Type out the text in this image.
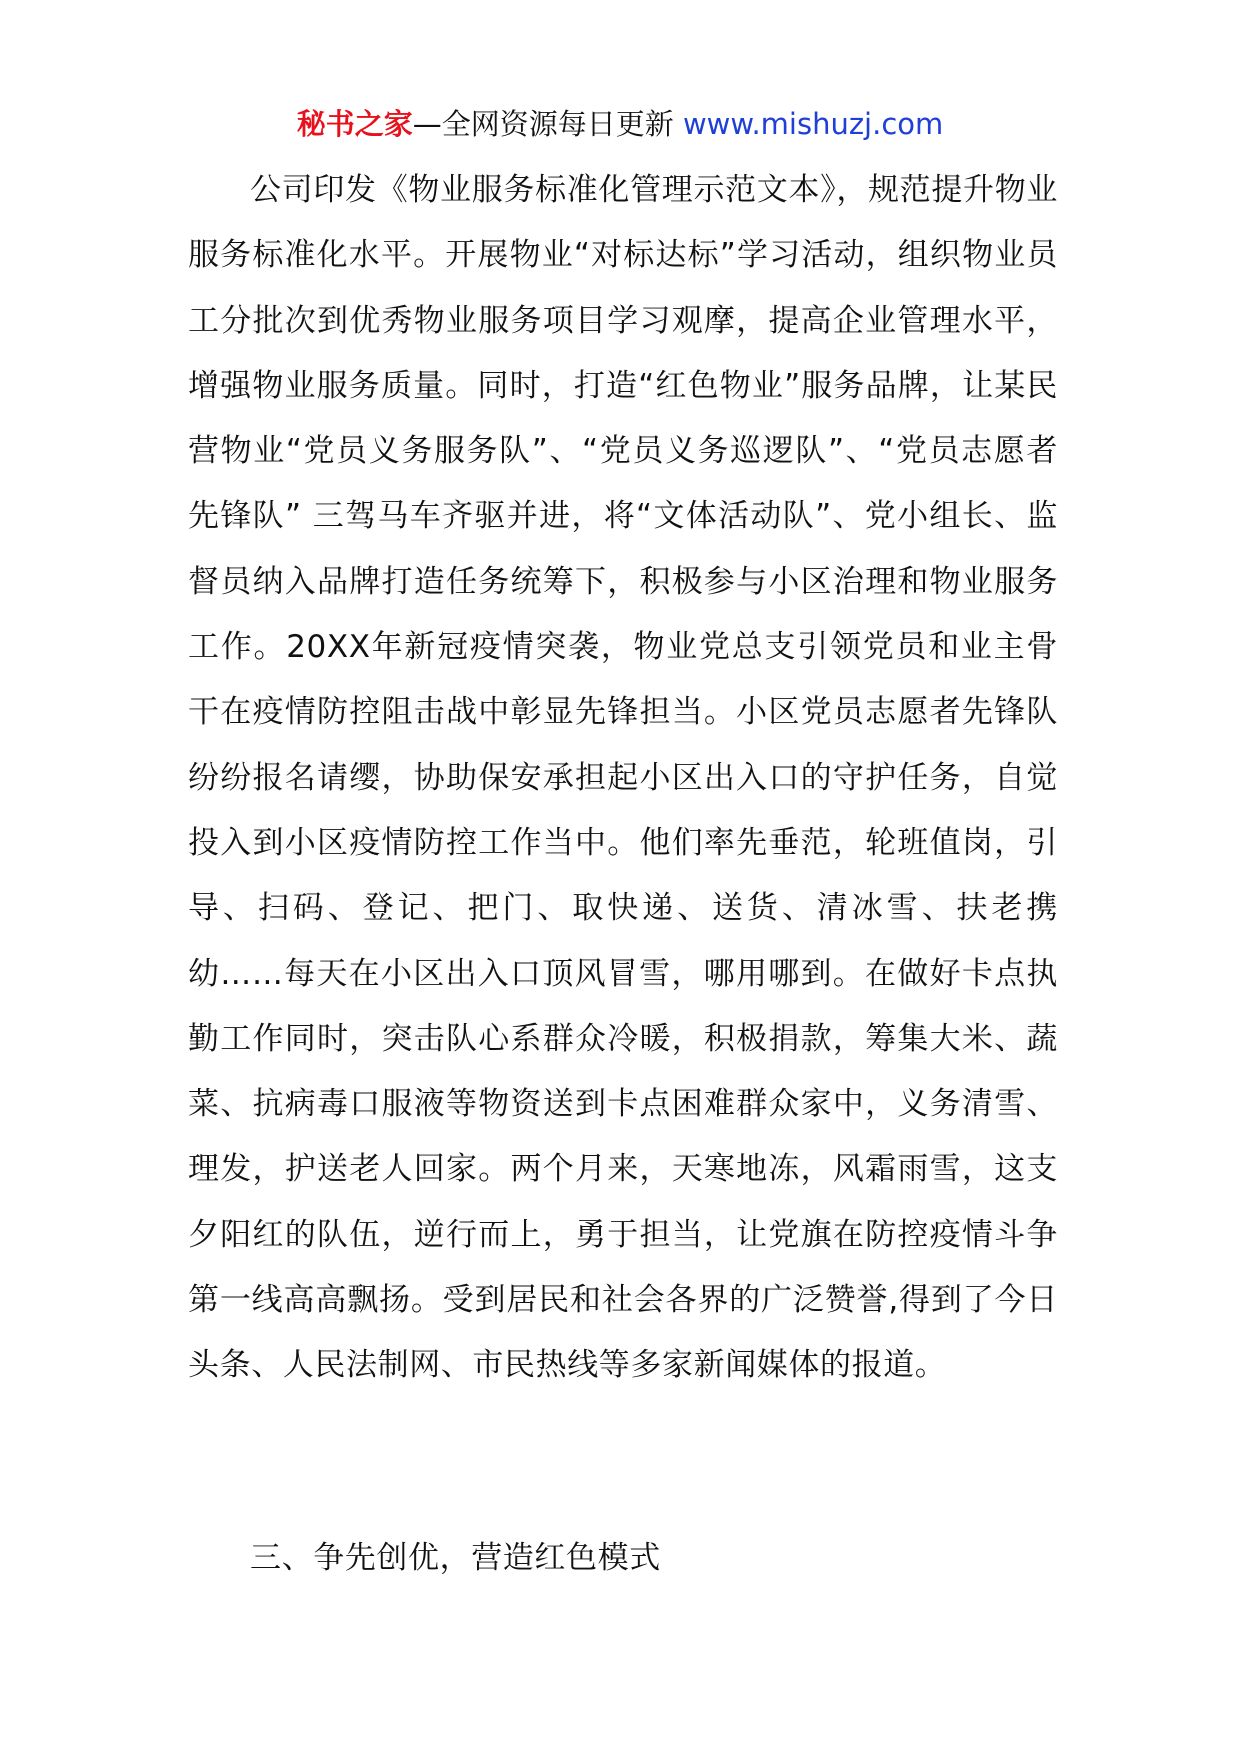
秘书之家—全网资源每日更新 www.mishuzj.com

公司印发《物业服务标准化管理示范文本》，规范提升物业服务标准化水平。开展物业“对标达标”学习活动，组织物业员工分批次到优秀物业服务项目学习观摩，提高企业管理水平，增强物业服务质量。同时，打造“红色物业”服务品牌，让某民营物业“党员义务服务队”、“党员义务巡逻队”、“党员志愿者先锋队” 三驾马车齐驱并进，将“文体活动队”、党小组长、监督员纳入品牌打造任务统筹下，积极参与小区治理和物业服务工作。20XX年新冠疫情突袭，物业党总支引领党员和业主骨干在疫情防控阻击战中彰显先锋担当。小区党员志愿者先锋队纷纷报名请缨，协助保安承担起小区出入口的守护任务，自觉投入到小区疫情防控工作当中。他们率先垂范，轮班值岗，引导、扫码、登记、把门、取快递、送货、清冰雪、扶老携幼……每天在小区出入口顶风冒雪，哪用哪到。在做好卡点执勤工作同时，突击队心系群众冷暖，积极捐款，筹集大米、蔬菜、抗病毒口服液等物资送到卡点困难群众家中，义务清雪、理发，护送老人回家。两个月来，天寒地冻，风霜雨雪，这支夕阳红的队伍，逆行而上，勇于担当，让党旗在防控疫情斗争第一线高高飘扬。受到居民和社会各界的广泛赞誉,得到了今日头条、人民法制网、市民热线等多家新闻媒体的报道。

三、争先创优，营造红色模式
